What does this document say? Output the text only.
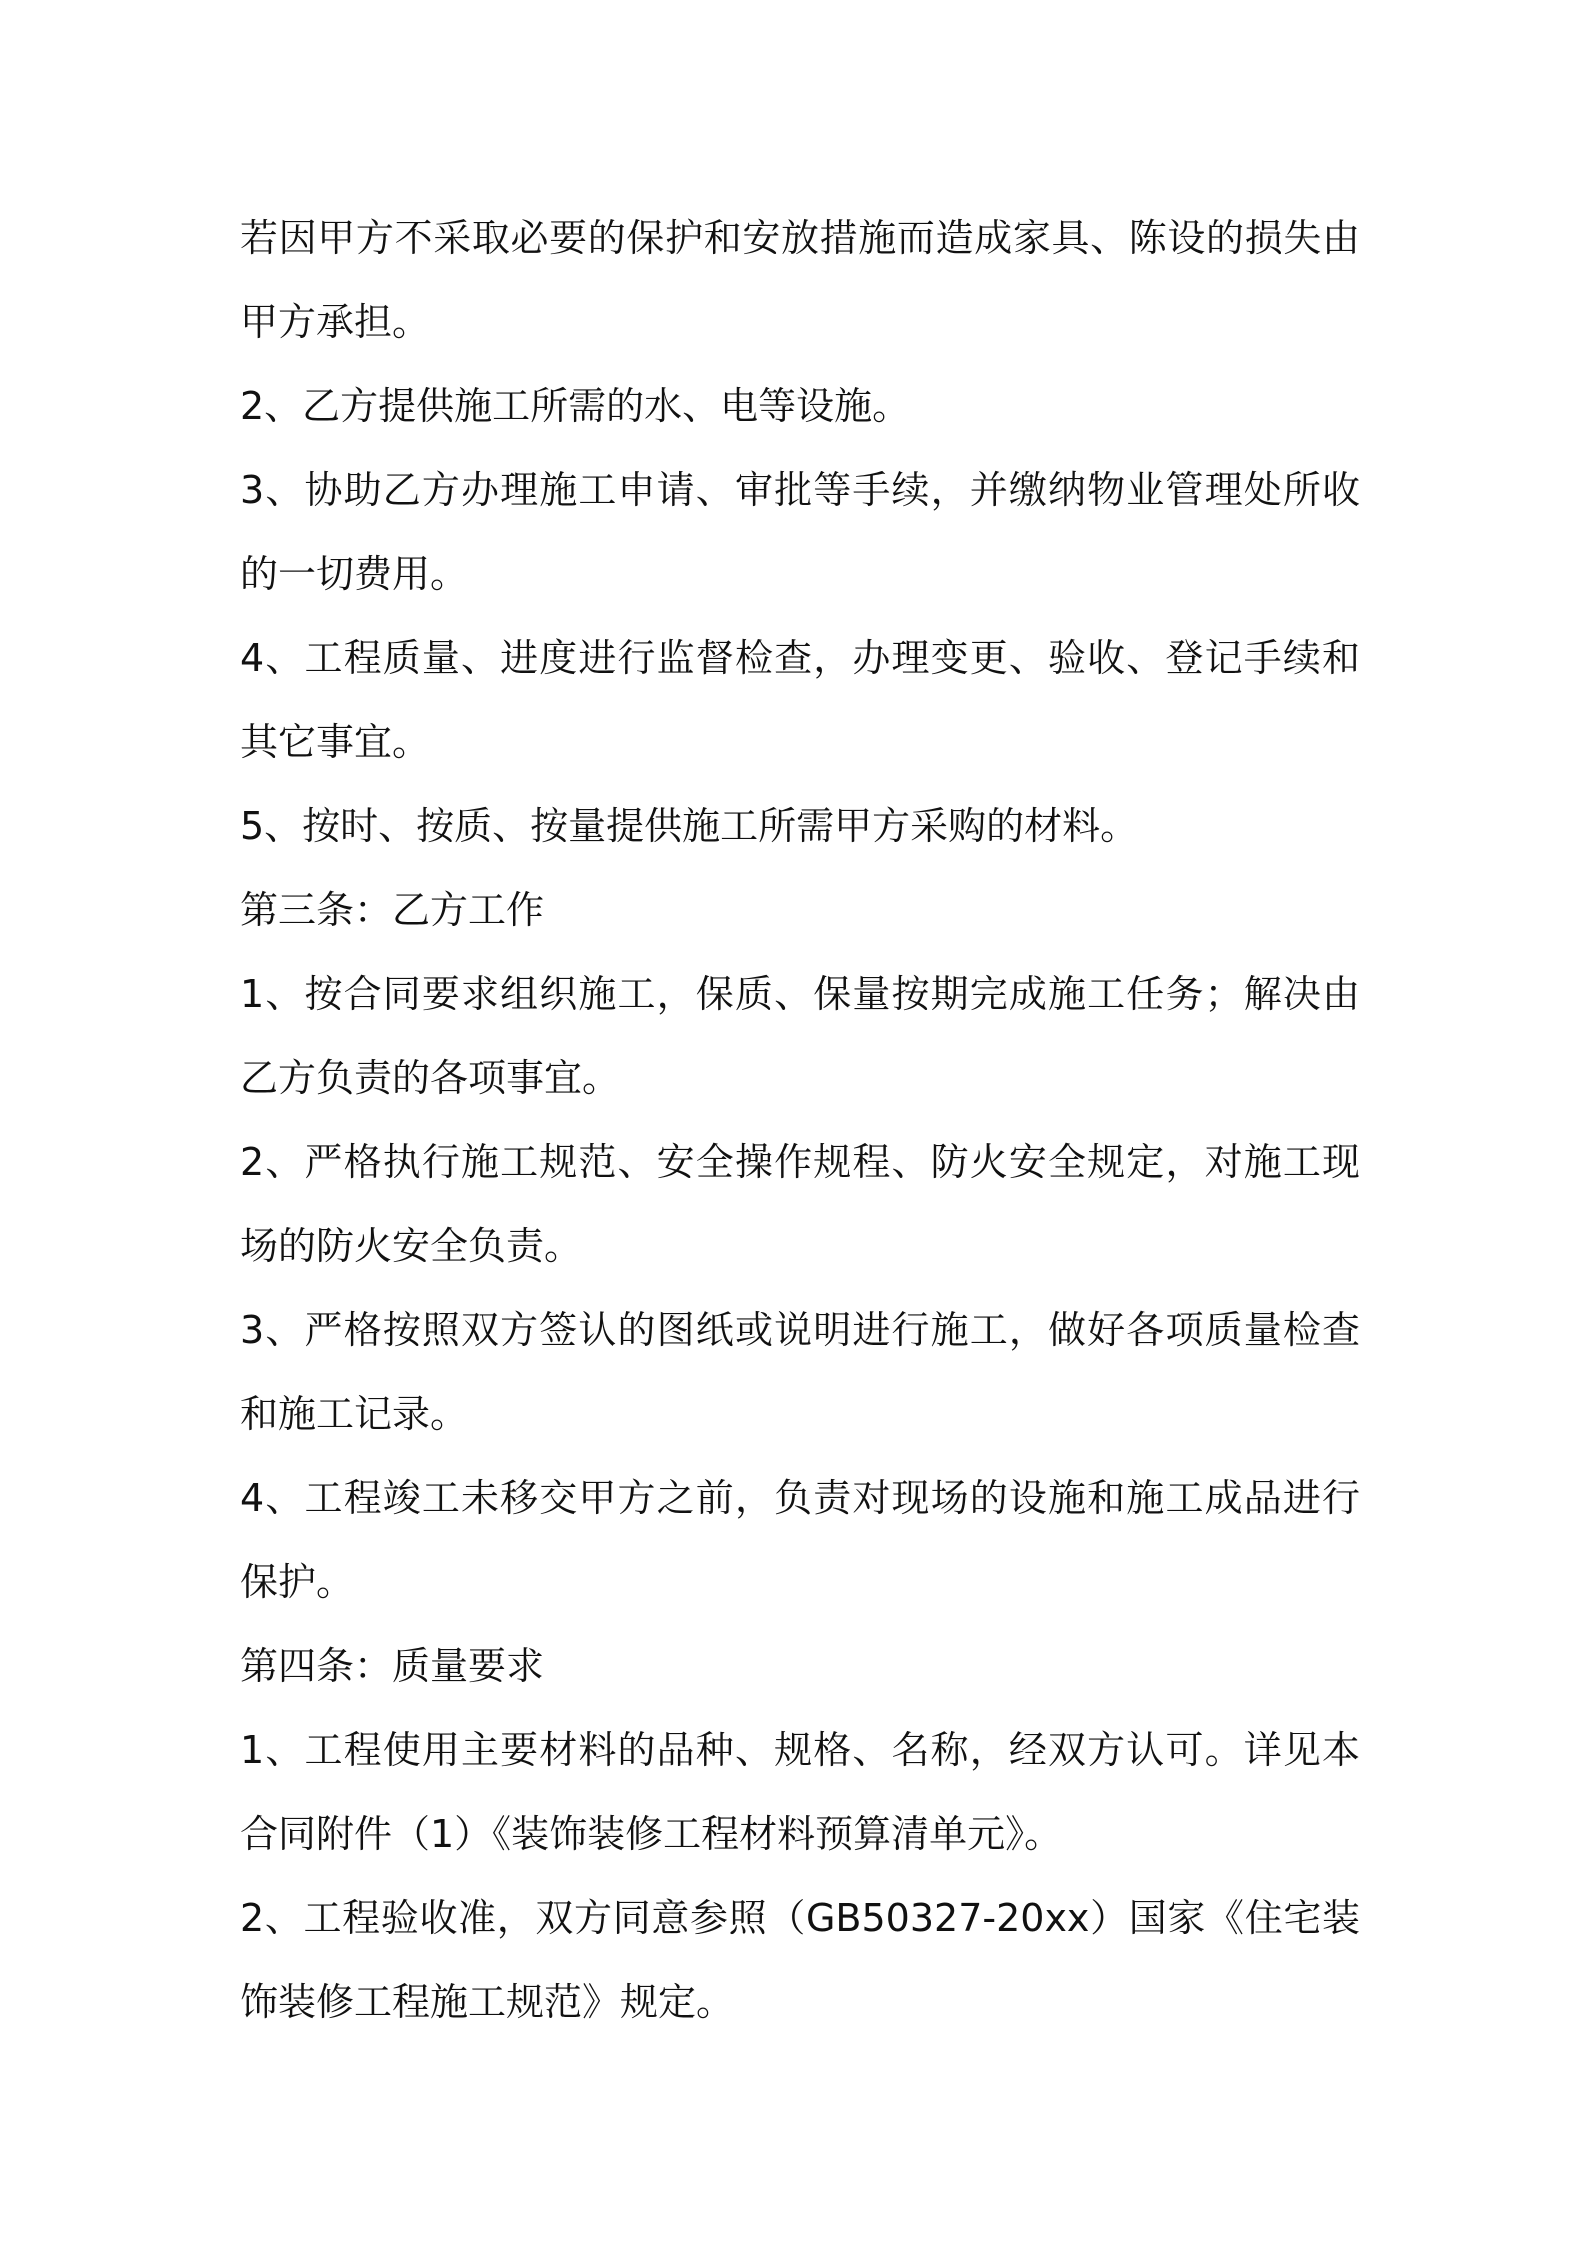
若因甲方不采取必要的保护和安放措施而造成家具、陈设的损失由甲方承担。

2、乙方提供施工所需的水、电等设施。

3、协助乙方办理施工申请、审批等手续，并缴纳物业管理处所收的一切费用。

4、工程质量、进度进行监督检查，办理变更、验收、登记手续和其它事宜。

5、按时、按质、按量提供施工所需甲方采购的材料。

第三条：乙方工作

1、按合同要求组织施工，保质、保量按期完成施工任务；解决由乙方负责的各项事宜。

2、严格执行施工规范、安全操作规程、防火安全规定，对施工现场的防火安全负责。

3、严格按照双方签认的图纸或说明进行施工，做好各项质量检查和施工记录。

4、工程竣工未移交甲方之前，负责对现场的设施和施工成品进行保护。

第四条：质量要求

1、工程使用主要材料的品种、规格、名称，经双方认可。详见本合同附件（1）《装饰装修工程材料预算清单元》。

2、工程验收准，双方同意参照（GB50327-20xx）国家《住宅装饰装修工程施工规范》规定。
